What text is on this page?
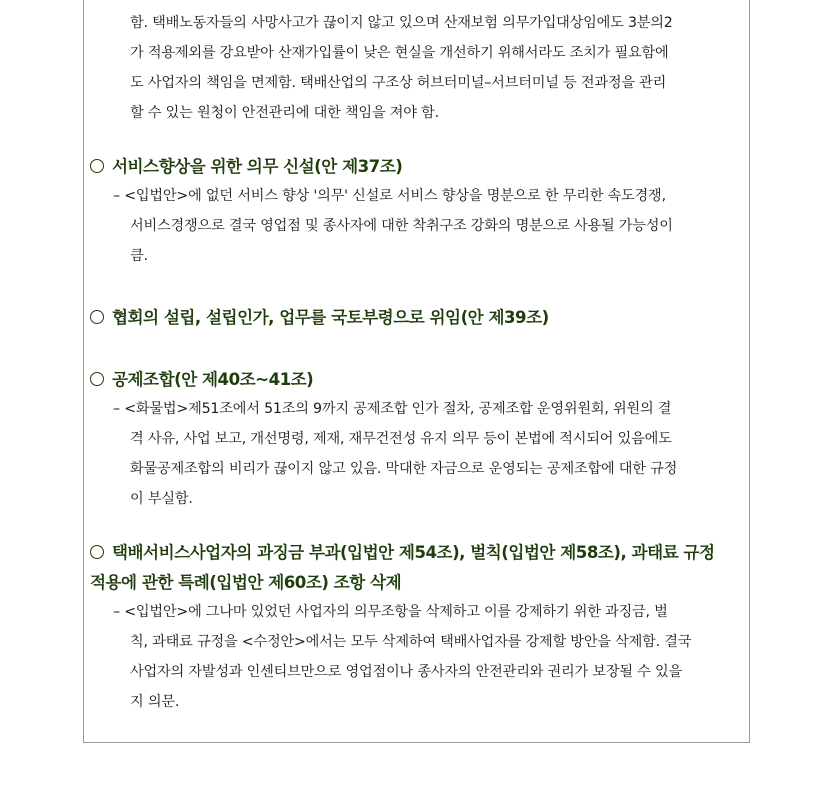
함. 택배노동자들의 사망사고가 끊이지 않고 있으며 산재보험 의무가입대상임에도 3분의2
가 적용제외를 강요받아 산재가입률이 낮은 현실을 개선하기 위해서라도 조치가 필요함에
도 사업자의 책임을 면제함. 택배산업의 구조상 허브터미널–서브터미널 등 전과정을 관리
할 수 있는 원청이 안전관리에 대한 책임을 져야 함.
서비스향상을 위한 의무 신설(안 제37조)
– <입법안>에 없던 서비스 향상 '의무' 신설로 서비스 향상을 명분으로 한 무리한 속도경쟁,
서비스경쟁으로 결국 영업점 및 종사자에 대한 착취구조 강화의 명분으로 사용될 가능성이
큼.
협회의 설립, 설립인가, 업무를 국토부령으로 위임(안 제39조)
공제조합(안 제40조~41조)
– <화물법>제51조에서 51조의 9까지 공제조합 인가 절차, 공제조합 운영위원회, 위원의 결
격 사유, 사업 보고, 개선명령, 제재, 재무건전성 유지 의무 등이 본법에 적시되어 있음에도
화물공제조합의 비리가 끊이지 않고 있음. 막대한 자금으로 운영되는 공제조합에 대한 규정
이 부실함.
택배서비스사업자의 과징금 부과(입법안 제54조), 벌칙(입법안 제58조), 과태료 규정
적용에 관한 특례(입법안 제60조) 조항 삭제
– <입법안>에 그나마 있었던 사업자의 의무조항을 삭제하고 이를 강제하기 위한 과징금, 벌
칙, 과태료 규정을 <수정안>에서는 모두 삭제하여 택배사업자를 강제할 방안을 삭제함. 결국
사업자의 자발성과 인센티브만으로 영업점이나 종사자의 안전관리와 권리가 보장될 수 있을
지 의문.
